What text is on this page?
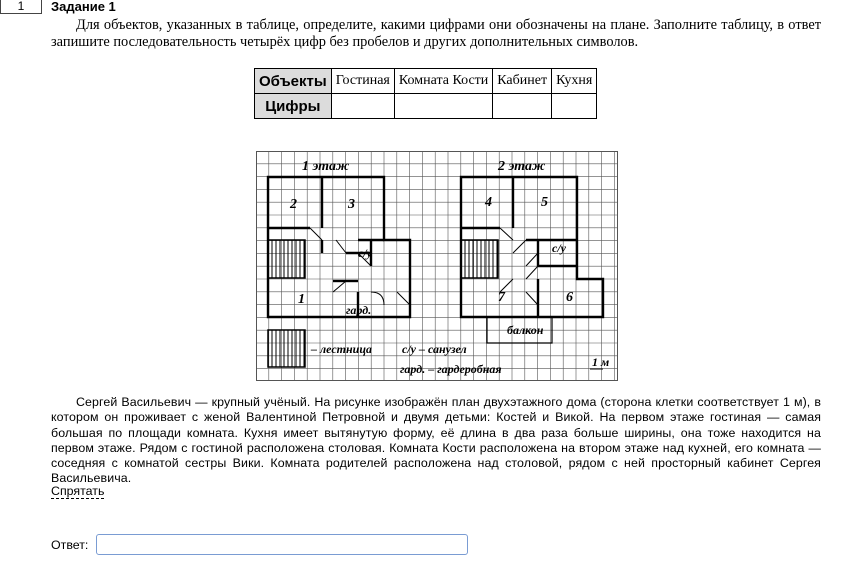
1	Задание 1
Для объектов, указанных в таблице, определите, какими цифрами они обозначены на плане. Заполните таблицу, в ответ запишите последовательность четырёх цифр без пробелов и других дополнительных символов.
Объекты	Гостиная	Комната Кости	Кабинет	Кухня
Цифры				
1 этаж	2 этаж
1
2	3	4	5
6
7
с/у	с/у
гард.
балкон
– лестница	с/у – санузел
гард. – гардеробная	1 м
Сергей Васильевич — крупный учёный. На рисунке изображён план двухэтажного дома (сторона клетки соответствует 1 м), в котором он проживает с женой Валентиной Петровной и двумя детьми: Костей и Викой. На первом этаже гостиная — самая большая по площади комната. Кухня имеет вытянутую форму, её длина в два раза больше ширины, она тоже находится на первом этаже. Рядом с гостиной расположена столовая. Комната Кости расположена на втором этаже над кухней, его комната — соседняя с комнатой сестры Вики. Комната родителей расположена над столовой, рядом с ней просторный кабинет Сергея Васильевича.
Спрятать
Ответ:
